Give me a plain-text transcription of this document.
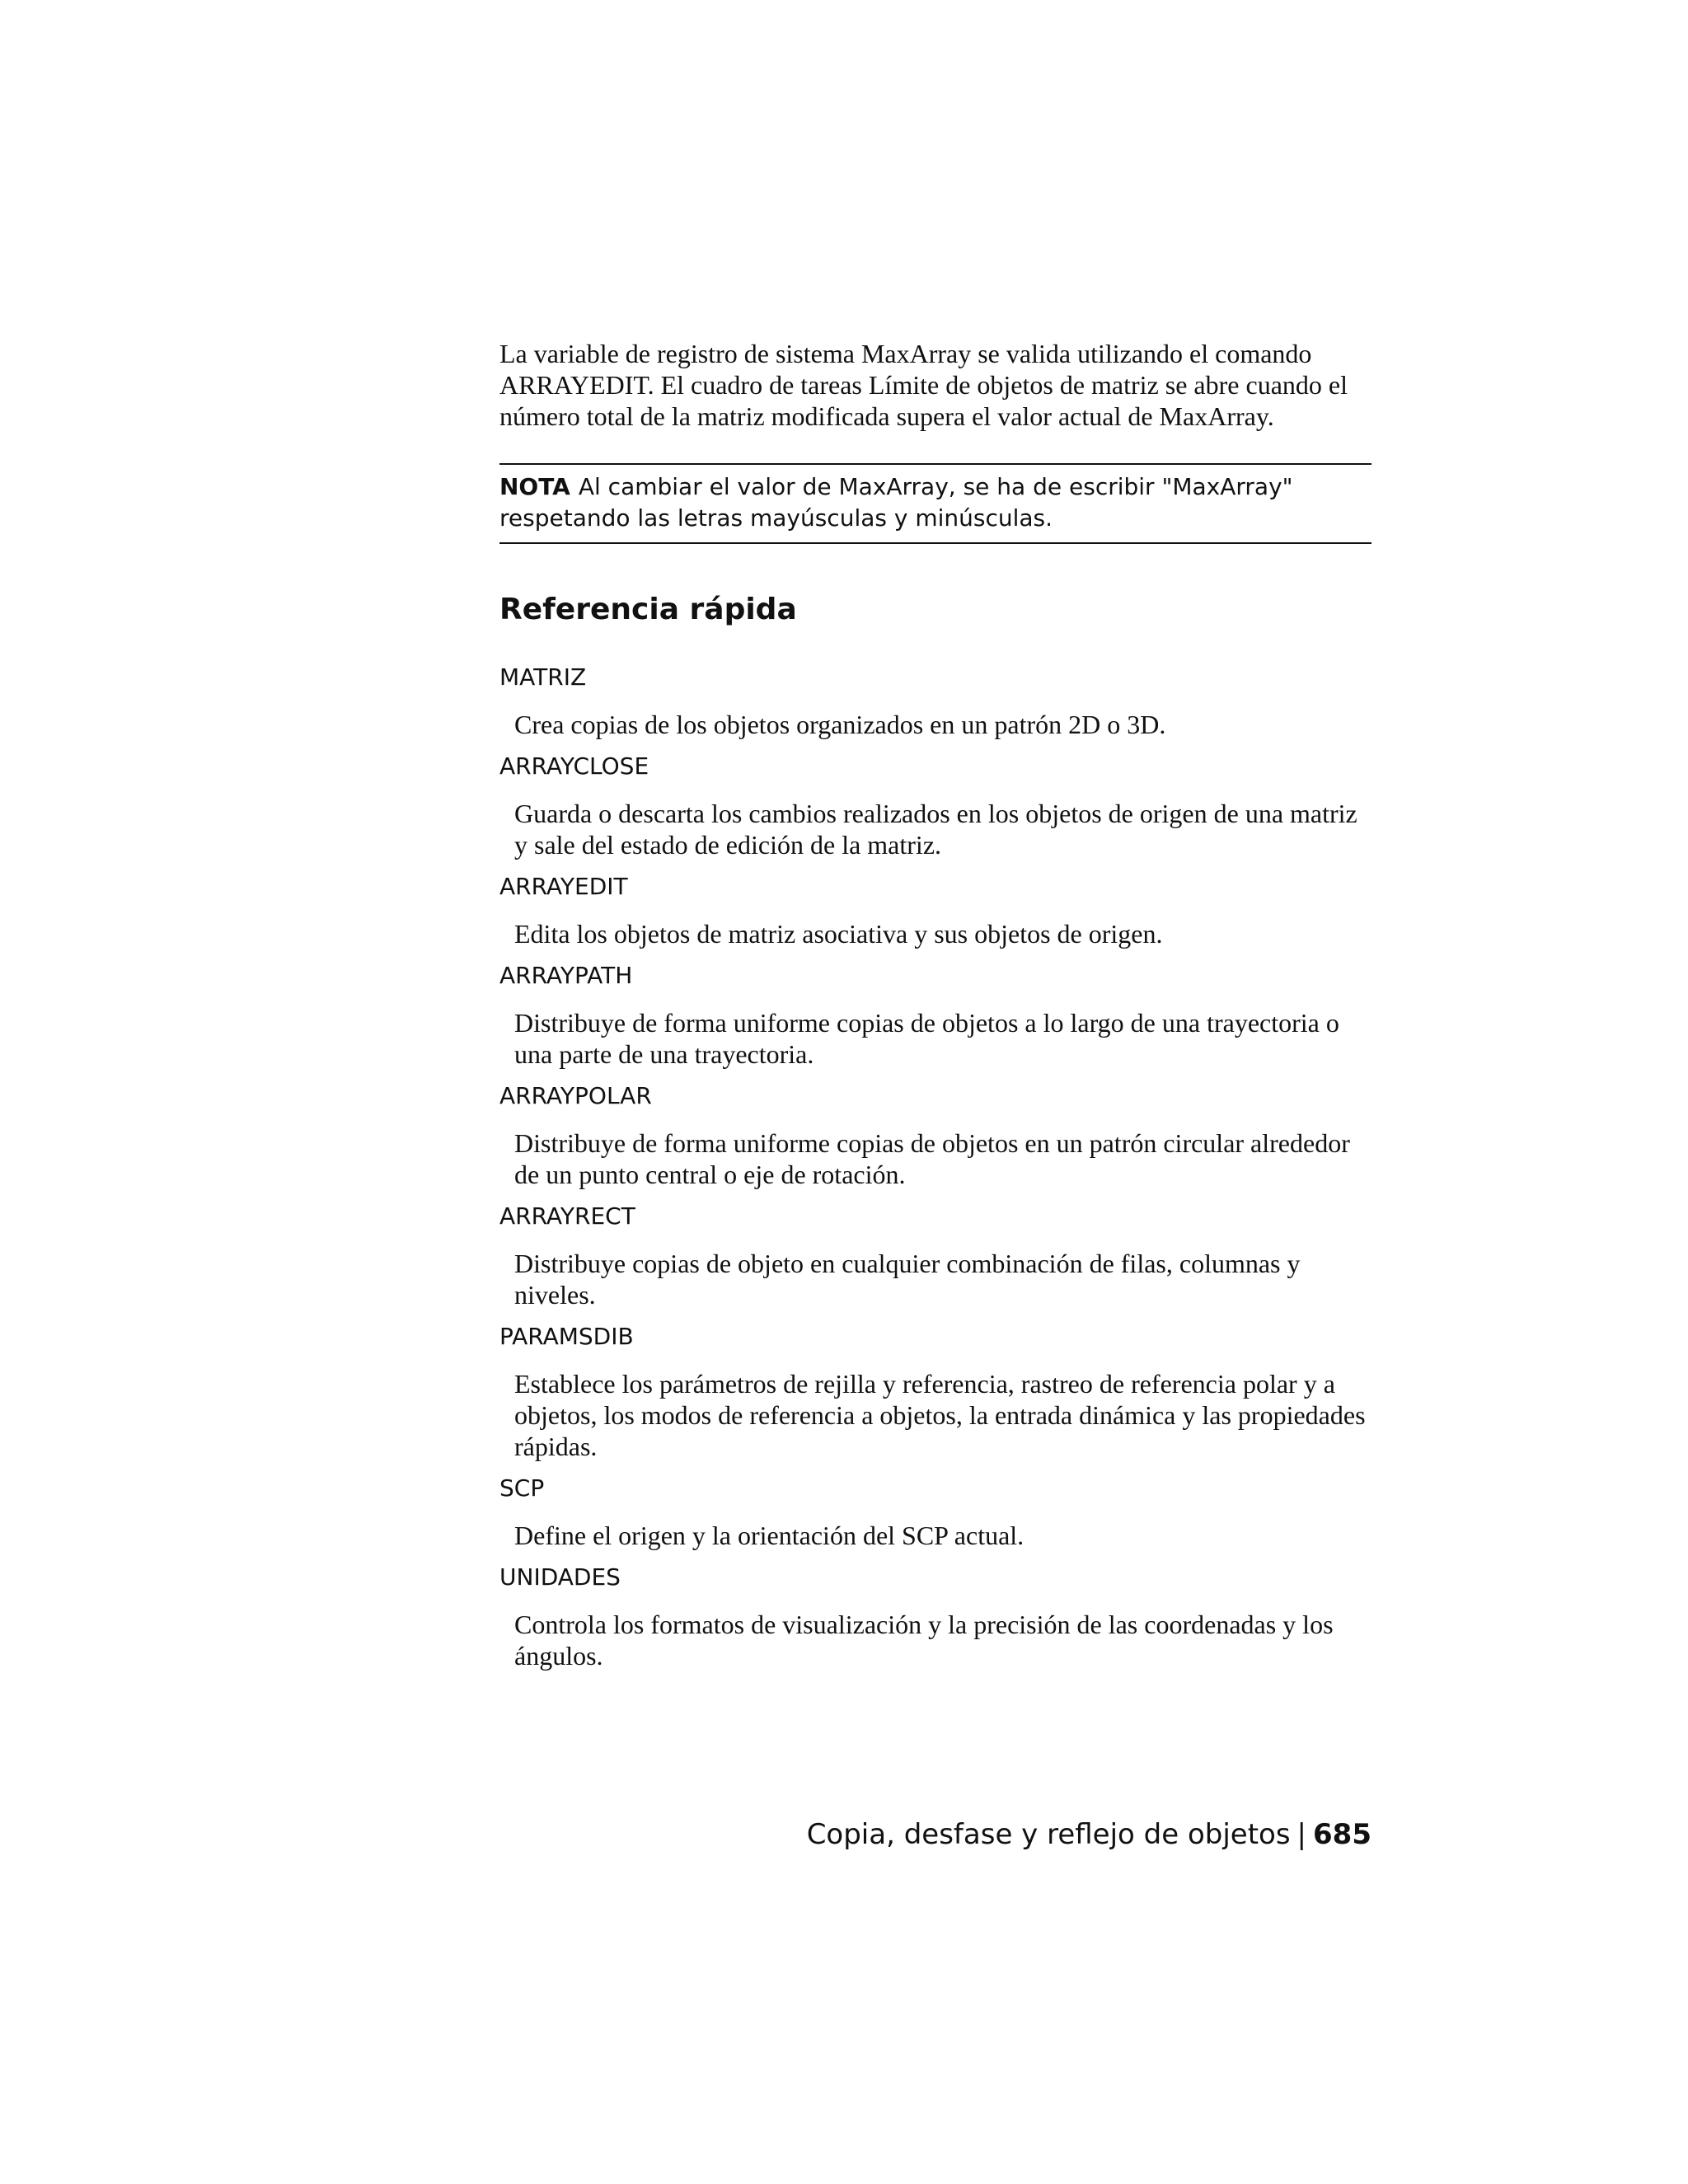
La variable de registro de sistema MaxArray se valida utilizando el comando ARRAYEDIT. El cuadro de tareas Límite de objetos de matriz se abre cuando el número total de la matriz modificada supera el valor actual de MaxArray.

NOTA Al cambiar el valor de MaxArray, se ha de escribir "MaxArray" respetando las letras mayúsculas y minúsculas.
Referencia rápida
MATRIZ

Crea copias de los objetos organizados en un patrón 2D o 3D.

ARRAYCLOSE

Guarda o descarta los cambios realizados en los objetos de origen de una matriz y sale del estado de edición de la matriz.

ARRAYEDIT

Edita los objetos de matriz asociativa y sus objetos de origen.

ARRAYPATH

Distribuye de forma uniforme copias de objetos a lo largo de una trayectoria o una parte de una trayectoria.

ARRAYPOLAR

Distribuye de forma uniforme copias de objetos en un patrón circular alrededor de un punto central o eje de rotación.

ARRAYRECT

Distribuye copias de objeto en cualquier combinación de filas, columnas y niveles.

PARAMSDIB

Establece los parámetros de rejilla y referencia, rastreo de referencia polar y a objetos, los modos de referencia a objetos, la entrada dinámica y las propiedades rápidas.

SCP

Define el origen y la orientación del SCP actual.

UNIDADES

Controla los formatos de visualización y la precisión de las coordenadas y los ángulos.

Copia, desfase y reflejo de objetos | 685
